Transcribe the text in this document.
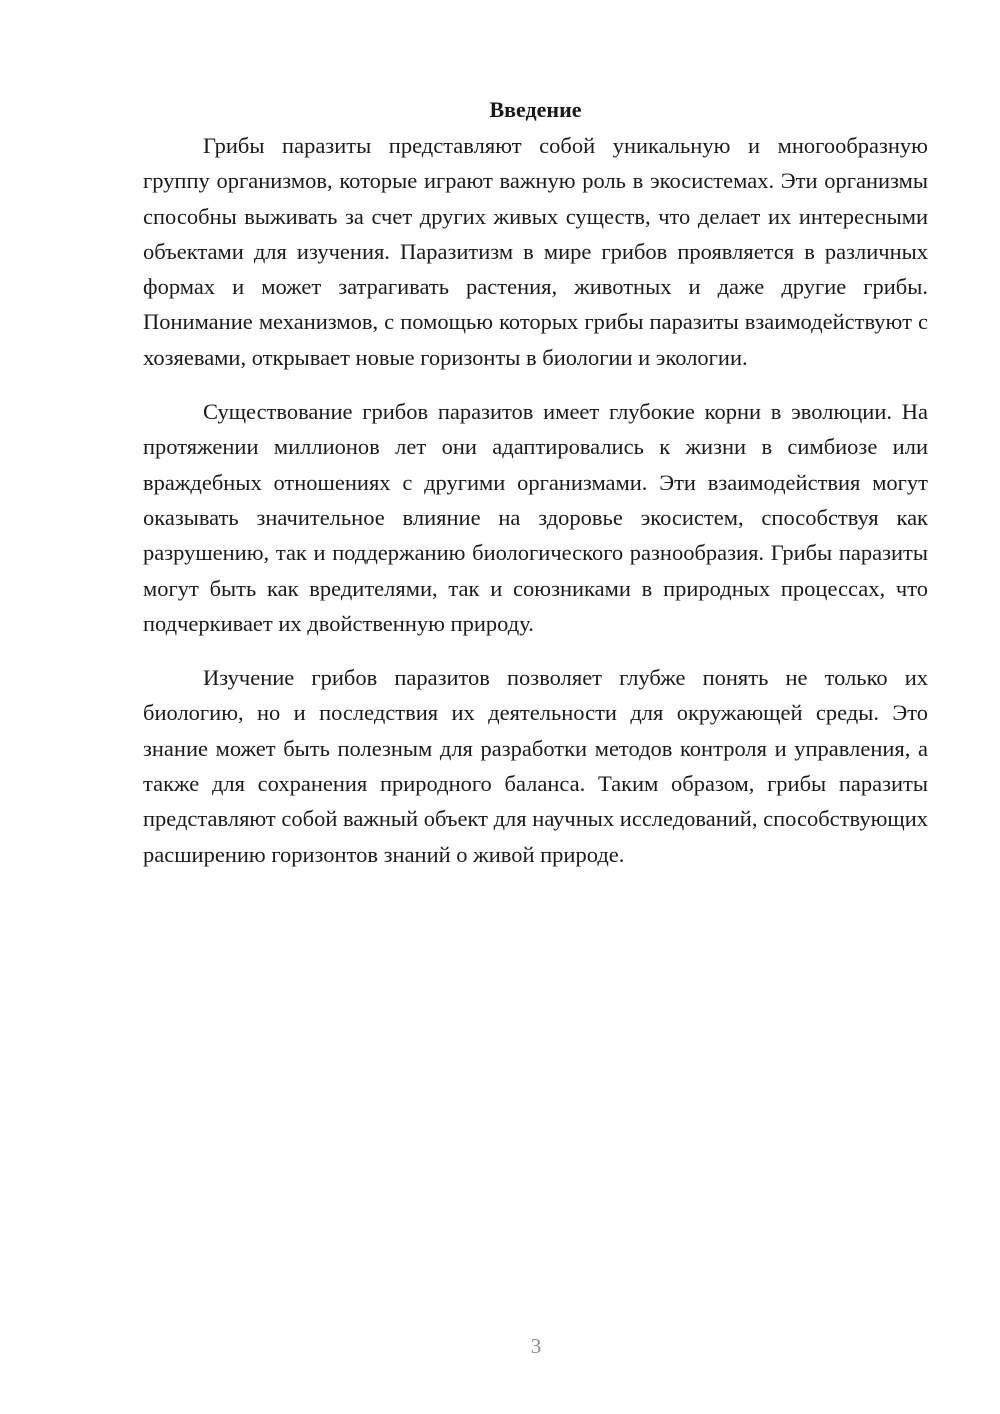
Введение

Грибы паразиты представляют собой уникальную и многообразную группу организмов, которые играют важную роль в экосистемах. Эти организмы способны выживать за счет других живых существ, что делает их интересными объектами для изучения. Паразитизм в мире грибов проявляется в различных формах и может затрагивать растения, животных и даже другие грибы. Понимание механизмов, с помощью которых грибы паразиты взаимодействуют с хозяевами, открывает новые горизонты в биологии и экологии.

Существование грибов паразитов имеет глубокие корни в эволюции. На протяжении миллионов лет они адаптировались к жизни в симбиозе или враждебных отношениях с другими организмами. Эти взаимодействия могут оказывать значительное влияние на здоровье экосистем, способствуя как разрушению, так и поддержанию биологического разнообразия. Грибы паразиты могут быть как вредителями, так и союзниками в природных процессах, что подчеркивает их двойственную природу.

Изучение грибов паразитов позволяет глубже понять не только их биологию, но и последствия их деятельности для окружающей среды. Это знание может быть полезным для разработки методов контроля и управления, а также для сохранения природного баланса. Таким образом, грибы паразиты представляют собой важный объект для научных исследований, способствующих расширению горизонтов знаний о живой природе.

3
